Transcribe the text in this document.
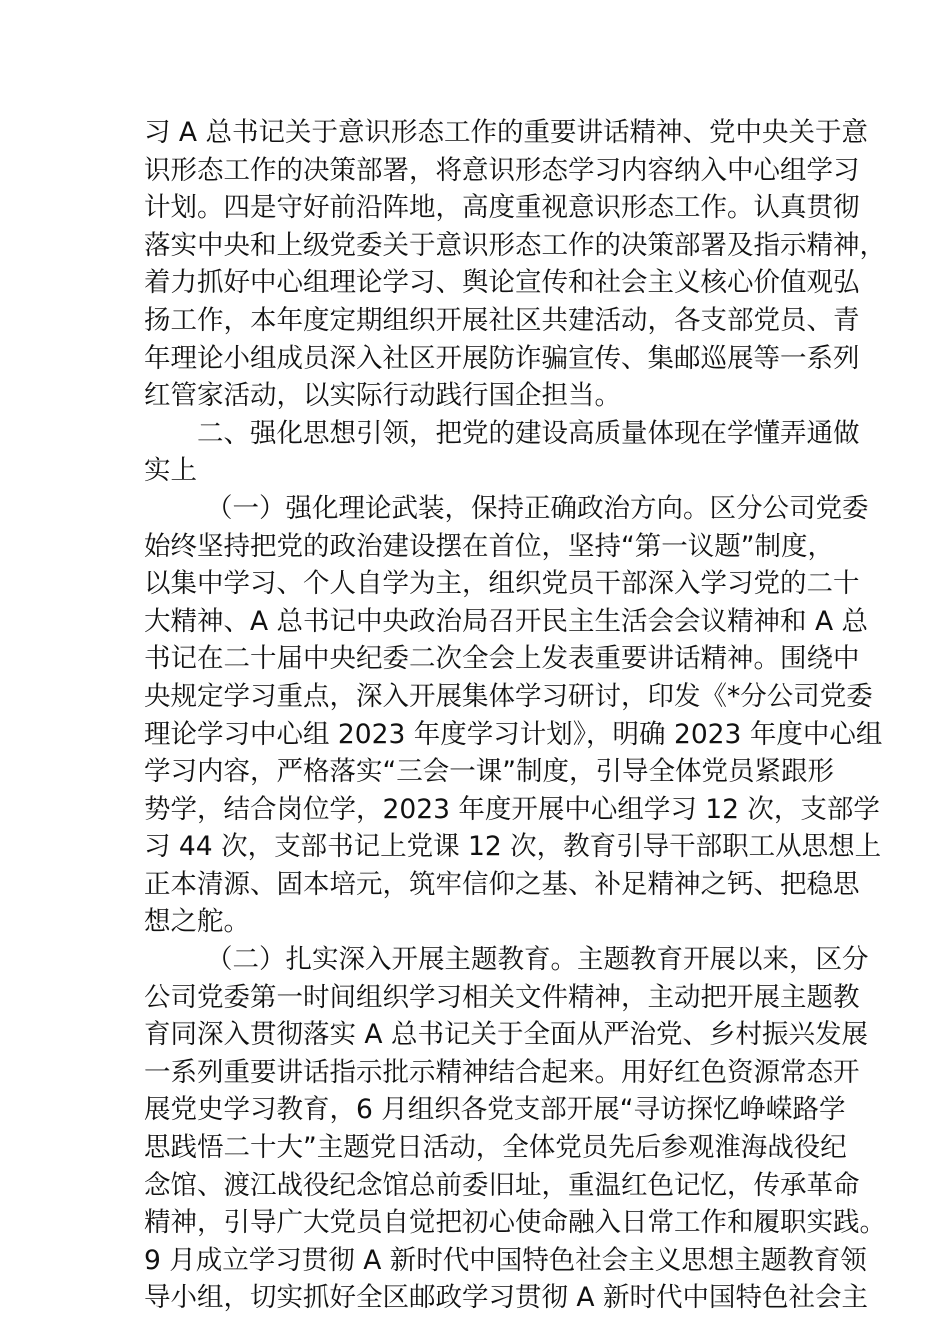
习 A 总书记关于意识形态工作的重要讲话精神、党中央关于意
识形态工作的决策部署，将意识形态学习内容纳入中心组学习
计划。四是守好前沿阵地，高度重视意识形态工作。认真贯彻
落实中央和上级党委关于意识形态工作的决策部署及指示精神，
着力抓好中心组理论学习、舆论宣传和社会主义核心价值观弘
扬工作，本年度定期组织开展社区共建活动，各支部党员、青
年理论小组成员深入社区开展防诈骗宣传、集邮巡展等一系列
红管家活动，以实际行动践行国企担当。
二、强化思想引领，把党的建设高质量体现在学懂弄通做
实上
（一）强化理论武装，保持正确政治方向。区分公司党委
始终坚持把党的政治建设摆在首位，坚持“第一议题”制度，
以集中学习、个人自学为主，组织党员干部深入学习党的二十
大精神、A 总书记中央政治局召开民主生活会会议精神和 A 总
书记在二十届中央纪委二次全会上发表重要讲话精神。围绕中
央规定学习重点，深入开展集体学习研讨，印发《*分公司党委
理论学习中心组 2023 年度学习计划》，明确 2023 年度中心组
学习内容，严格落实“三会一课”制度，引导全体党员紧跟形
势学，结合岗位学，2023 年度开展中心组学习 12 次，支部学
习 44 次，支部书记上党课 12 次，教育引导干部职工从思想上
正本清源、固本培元，筑牢信仰之基、补足精神之钙、把稳思
想之舵。
（二）扎实深入开展主题教育。主题教育开展以来，区分
公司党委第一时间组织学习相关文件精神，主动把开展主题教
育同深入贯彻落实 A 总书记关于全面从严治党、乡村振兴发展
一系列重要讲话指示批示精神结合起来。用好红色资源常态开
展党史学习教育，6 月组织各党支部开展“寻访探忆峥嵘路学
思践悟二十大”主题党日活动，全体党员先后参观淮海战役纪
念馆、渡江战役纪念馆总前委旧址，重温红色记忆，传承革命
精神，引导广大党员自觉把初心使命融入日常工作和履职实践。
9 月成立学习贯彻 A 新时代中国特色社会主义思想主题教育领
导小组，切实抓好全区邮政学习贯彻 A 新时代中国特色社会主
